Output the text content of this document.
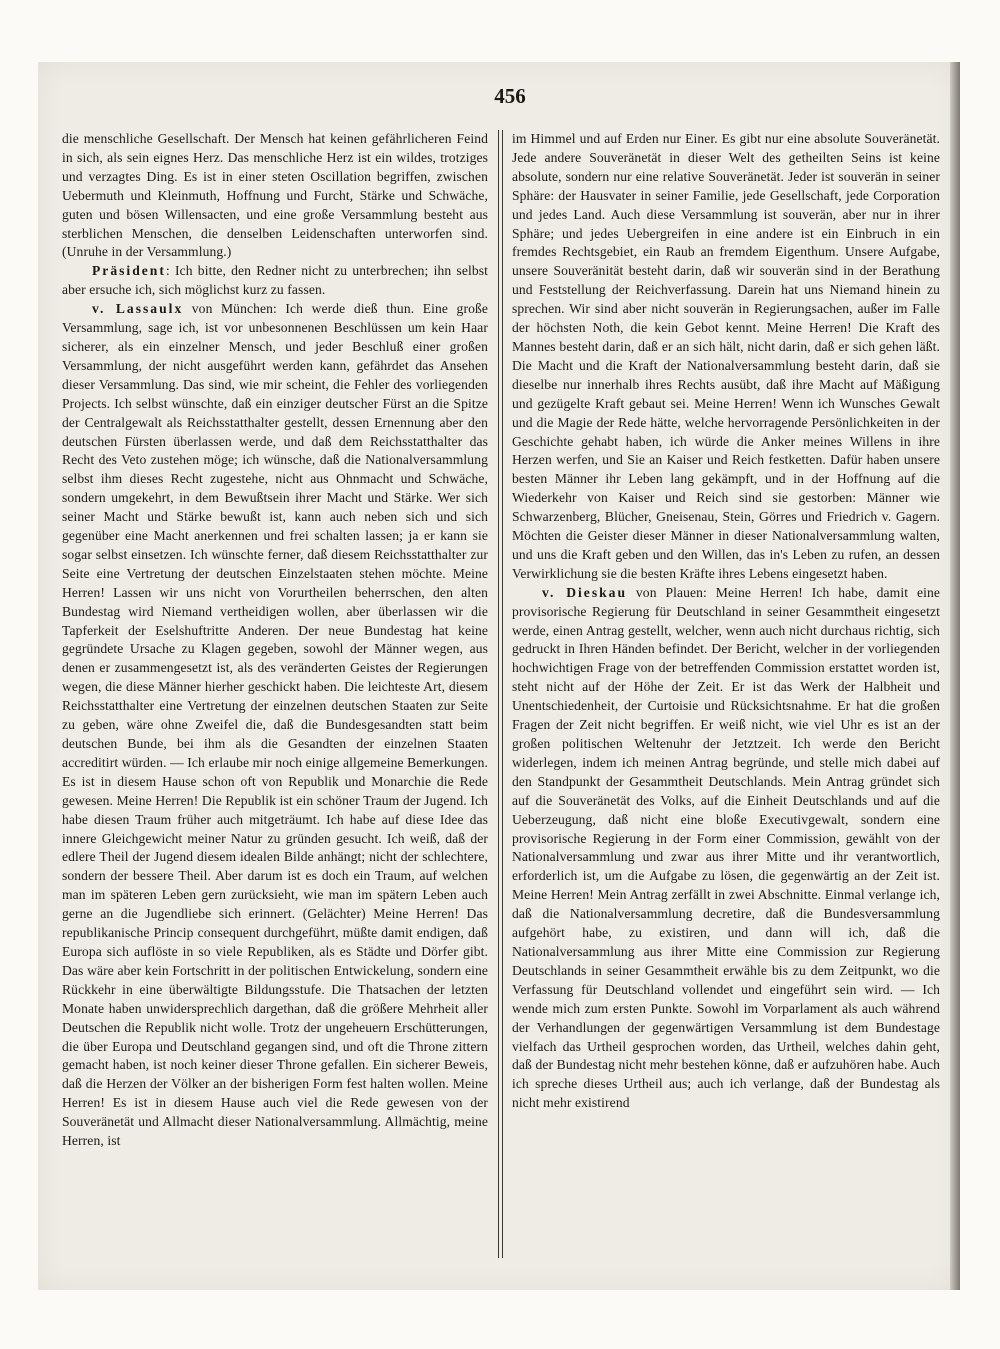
456

die menschliche Gesellschaft. Der Mensch hat keinen gefährlicheren Feind in sich, als sein eignes Herz. Das menschliche Herz ist ein wildes, trotziges und verzagtes Ding. Es ist in einer steten Oscillation begriffen, zwischen Uebermuth und Kleinmuth, Hoffnung und Furcht, Stärke und Schwäche, guten und bösen Willensacten, und eine große Versammlung besteht aus sterblichen Menschen, die denselben Leidenschaften unterworfen sind. (Unruhe in der Versammlung.)

Präsident: Ich bitte, den Redner nicht zu unterbrechen; ihn selbst aber ersuche ich, sich möglichst kurz zu fassen.

v. Lassaulx von München: Ich werde dieß thun. Eine große Versammlung, sage ich, ist vor unbesonnenen Beschlüssen um kein Haar sicherer, als ein einzelner Mensch, und jeder Beschluß einer großen Versammlung, der nicht ausgeführt werden kann, gefährdet das Ansehen dieser Versammlung. Das sind, wie mir scheint, die Fehler des vorliegenden Projects. Ich selbst wünschte, daß ein einziger deutscher Fürst an die Spitze der Centralgewalt als Reichsstatthalter gestellt, dessen Ernennung aber den deutschen Fürsten überlassen werde, und daß dem Reichsstatthalter das Recht des Veto zustehen möge; ich wünsche, daß die Nationalversammlung selbst ihm dieses Recht zugestehe, nicht aus Ohnmacht und Schwäche, sondern umgekehrt, in dem Bewußtsein ihrer Macht und Stärke. Wer sich seiner Macht und Stärke bewußt ist, kann auch neben sich und sich gegenüber eine Macht anerkennen und frei schalten lassen; ja er kann sie sogar selbst einsetzen. Ich wünschte ferner, daß diesem Reichsstatthalter zur Seite eine Vertretung der deutschen Einzelstaaten stehen möchte. Meine Herren! Lassen wir uns nicht von Vorurtheilen beherrschen, den alten Bundestag wird Niemand vertheidigen wollen, aber überlassen wir die Tapferkeit der Eselshuftritte Anderen. Der neue Bundestag hat keine gegründete Ursache zu Klagen gegeben, sowohl der Männer wegen, aus denen er zusammengesetzt ist, als des veränderten Geistes der Regierungen wegen, die diese Männer hierher geschickt haben. Die leichteste Art, diesem Reichsstatthalter eine Vertretung der einzelnen deutschen Staaten zur Seite zu geben, wäre ohne Zweifel die, daß die Bundesgesandten statt beim deutschen Bunde, bei ihm als die Gesandten der einzelnen Staaten accreditirt würden. — Ich erlaube mir noch einige allgemeine Bemerkungen. Es ist in diesem Hause schon oft von Republik und Monarchie die Rede gewesen. Meine Herren! Die Republik ist ein schöner Traum der Jugend. Ich habe diesen Traum früher auch mitgeträumt. Ich habe auf diese Idee das innere Gleichgewicht meiner Natur zu gründen gesucht. Ich weiß, daß der edlere Theil der Jugend diesem idealen Bilde anhängt; nicht der schlechtere, sondern der bessere Theil. Aber darum ist es doch ein Traum, auf welchen man im späteren Leben gern zurücksieht, wie man im spätern Leben auch gerne an die Jugendliebe sich erinnert. (Gelächter) Meine Herren! Das republikanische Princip consequent durchgeführt, müßte damit endigen, daß Europa sich auflöste in so viele Republiken, als es Städte und Dörfer gibt. Das wäre aber kein Fortschritt in der politischen Entwickelung, sondern eine Rückkehr in eine überwältigte Bildungsstufe. Die Thatsachen der letzten Monate haben unwidersprechlich dargethan, daß die größere Mehrheit aller Deutschen die Republik nicht wolle. Trotz der ungeheuern Erschütterungen, die über Europa und Deutschland gegangen sind, und oft die Throne zittern gemacht haben, ist noch keiner dieser Throne gefallen. Ein sicherer Beweis, daß die Herzen der Völker an der bisherigen Form fest halten wollen. Meine Herren! Es ist in diesem Hause auch viel die Rede gewesen von der Souveränetät und Allmacht dieser Nationalversammlung. Allmächtig, meine Herren, ist

im Himmel und auf Erden nur Einer. Es gibt nur eine absolute Souveränetät. Jede andere Souveränetät in dieser Welt des getheilten Seins ist keine absolute, sondern nur eine relative Souveränetät. Jeder ist souverän in seiner Sphäre: der Hausvater in seiner Familie, jede Gesellschaft, jede Corporation und jedes Land. Auch diese Versammlung ist souverän, aber nur in ihrer Sphäre; und jedes Uebergreifen in eine andere ist ein Einbruch in ein fremdes Rechtsgebiet, ein Raub an fremdem Eigenthum. Unsere Aufgabe, unsere Souveränität besteht darin, daß wir souverän sind in der Berathung und Feststellung der Reichverfassung. Darein hat uns Niemand hinein zu sprechen. Wir sind aber nicht souverän in Regierungsachen, außer im Falle der höchsten Noth, die kein Gebot kennt. Meine Herren! Die Kraft des Mannes besteht darin, daß er an sich hält, nicht darin, daß er sich gehen läßt. Die Macht und die Kraft der Nationalversammlung besteht darin, daß sie dieselbe nur innerhalb ihres Rechts ausübt, daß ihre Macht auf Mäßigung und gezügelte Kraft gebaut sei. Meine Herren! Wenn ich Wunsches Gewalt und die Magie der Rede hätte, welche hervorragende Persönlichkeiten in der Geschichte gehabt haben, ich würde die Anker meines Willens in ihre Herzen werfen, und Sie an Kaiser und Reich festketten. Dafür haben unsere besten Männer ihr Leben lang gekämpft, und in der Hoffnung auf die Wiederkehr von Kaiser und Reich sind sie gestorben: Männer wie Schwarzenberg, Blücher, Gneisenau, Stein, Görres und Friedrich v. Gagern. Möchten die Geister dieser Männer in dieser Nationalversammlung walten, und uns die Kraft geben und den Willen, das in's Leben zu rufen, an dessen Verwirklichung sie die besten Kräfte ihres Lebens eingesetzt haben.

v. Dieskau von Plauen: Meine Herren! Ich habe, damit eine provisorische Regierung für Deutschland in seiner Gesammtheit eingesetzt werde, einen Antrag gestellt, welcher, wenn auch nicht durchaus richtig, sich gedruckt in Ihren Händen befindet. Der Bericht, welcher in der vorliegenden hochwichtigen Frage von der betreffenden Commission erstattet worden ist, steht nicht auf der Höhe der Zeit. Er ist das Werk der Halbheit und Unentschiedenheit, der Curtoisie und Rücksichtsnahme. Er hat die großen Fragen der Zeit nicht begriffen. Er weiß nicht, wie viel Uhr es ist an der großen politischen Weltenuhr der Jetztzeit. Ich werde den Bericht widerlegen, indem ich meinen Antrag begründe, und stelle mich dabei auf den Standpunkt der Gesammtheit Deutschlands. Mein Antrag gründet sich auf die Souveränetät des Volks, auf die Einheit Deutschlands und auf die Ueberzeugung, daß nicht eine bloße Executivgewalt, sondern eine provisorische Regierung in der Form einer Commission, gewählt von der Nationalversammlung und zwar aus ihrer Mitte und ihr verantwortlich, erforderlich ist, um die Aufgabe zu lösen, die gegenwärtig an der Zeit ist. Meine Herren! Mein Antrag zerfällt in zwei Abschnitte. Einmal verlange ich, daß die Nationalversammlung decretire, daß die Bundesversammlung aufgehört habe, zu existiren, und dann will ich, daß die Nationalversammlung aus ihrer Mitte eine Commission zur Regierung Deutschlands in seiner Gesammtheit erwähle bis zu dem Zeitpunkt, wo die Verfassung für Deutschland vollendet und eingeführt sein wird. — Ich wende mich zum ersten Punkte. Sowohl im Vorparlament als auch während der Verhandlungen der gegenwärtigen Versammlung ist dem Bundestage vielfach das Urtheil gesprochen worden, das Urtheil, welches dahin geht, daß der Bundestag nicht mehr bestehen könne, daß er aufzuhören habe. Auch ich spreche dieses Urtheil aus; auch ich verlange, daß der Bundestag als nicht mehr existirend
